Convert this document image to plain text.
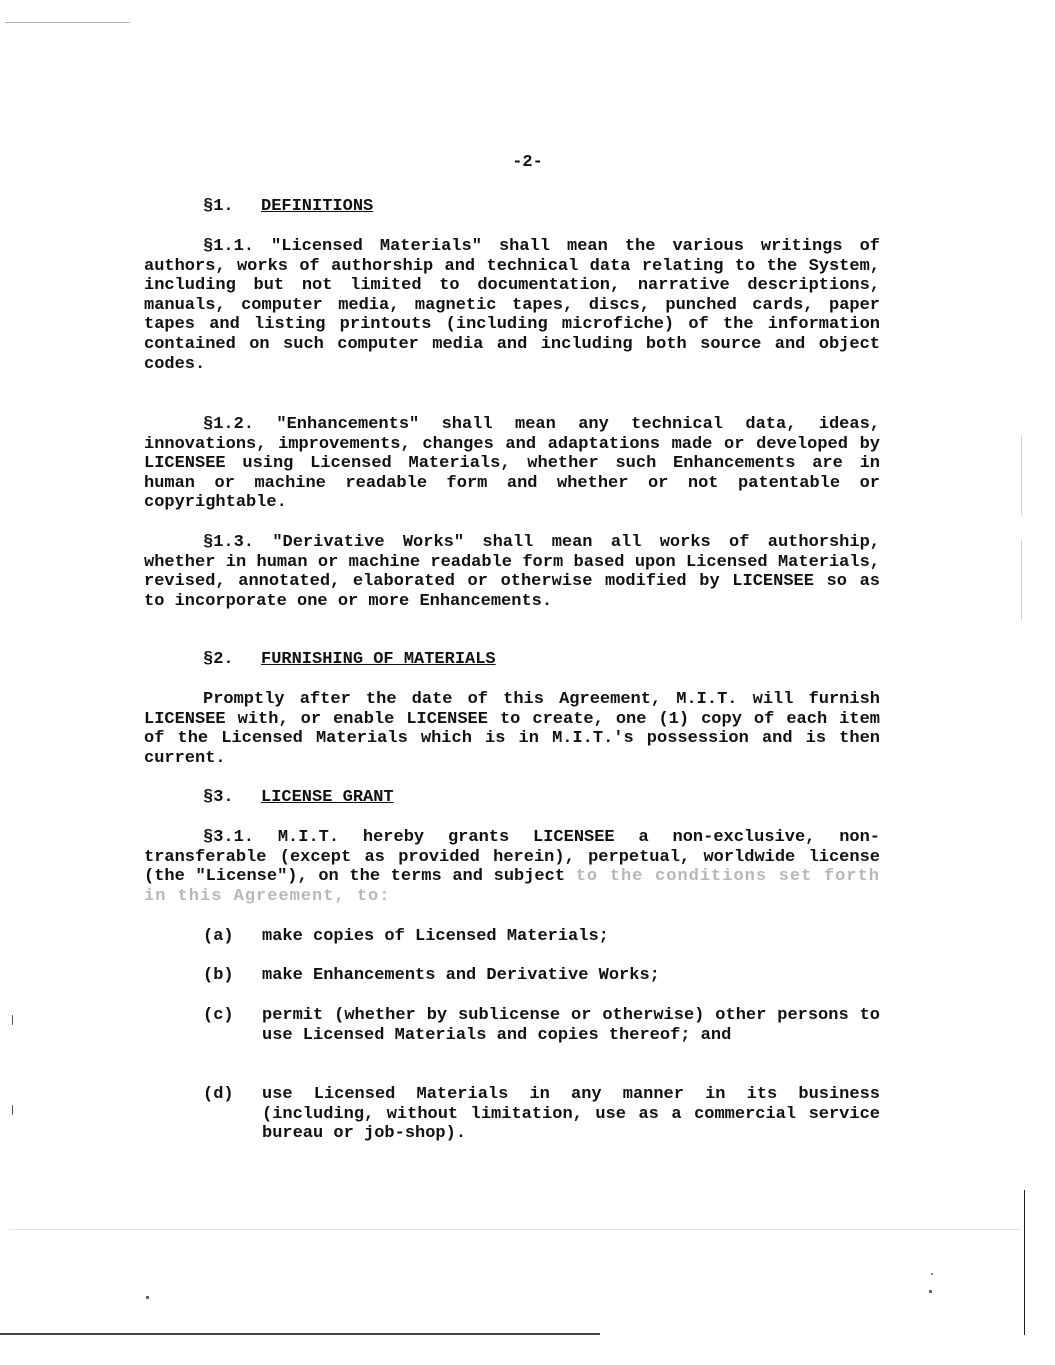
-2-
§1. DEFINITIONS
§1.1. "Licensed Materials" shall mean the various writings of authors, works of authorship and technical data relating to the System, including but not limited to documentation, narrative descriptions, manuals, computer media, magnetic tapes, discs, punched cards, paper tapes and listing printouts (including microfiche) of the information contained on such computer media and including both source and object codes.
§1.2. "Enhancements" shall mean any technical data, ideas, innovations, improvements, changes and adaptations made or developed by LICENSEE using Licensed Materials, whether such Enhancements are in human or machine readable form and whether or not patentable or copyrightable.
§1.3. "Derivative Works" shall mean all works of authorship, whether in human or machine readable form based upon Licensed Materials, revised, annotated, elaborated or otherwise modified by LICENSEE so as to incorporate one or more Enhancements.
§2. FURNISHING OF MATERIALS
Promptly after the date of this Agreement, M.I.T. will furnish LICENSEE with, or enable LICENSEE to create, one (1) copy of each item of the Licensed Materials which is in M.I.T.'s possession and is then current.
§3. LICENSE GRANT
§3.1. M.I.T. hereby grants LICENSEE a non-exclusive, non-transferable (except as provided herein), perpetual, worldwide license (the "License"), on the terms and subject to the conditions set forth in this Agreement, to:
(a) make copies of Licensed Materials;
(b) make Enhancements and Derivative Works;
(c) permit (whether by sublicense or otherwise) other persons to use Licensed Materials and copies thereof; and
(d) use Licensed Materials in any manner in its business (including, without limitation, use as a commercial service bureau or job-shop).
